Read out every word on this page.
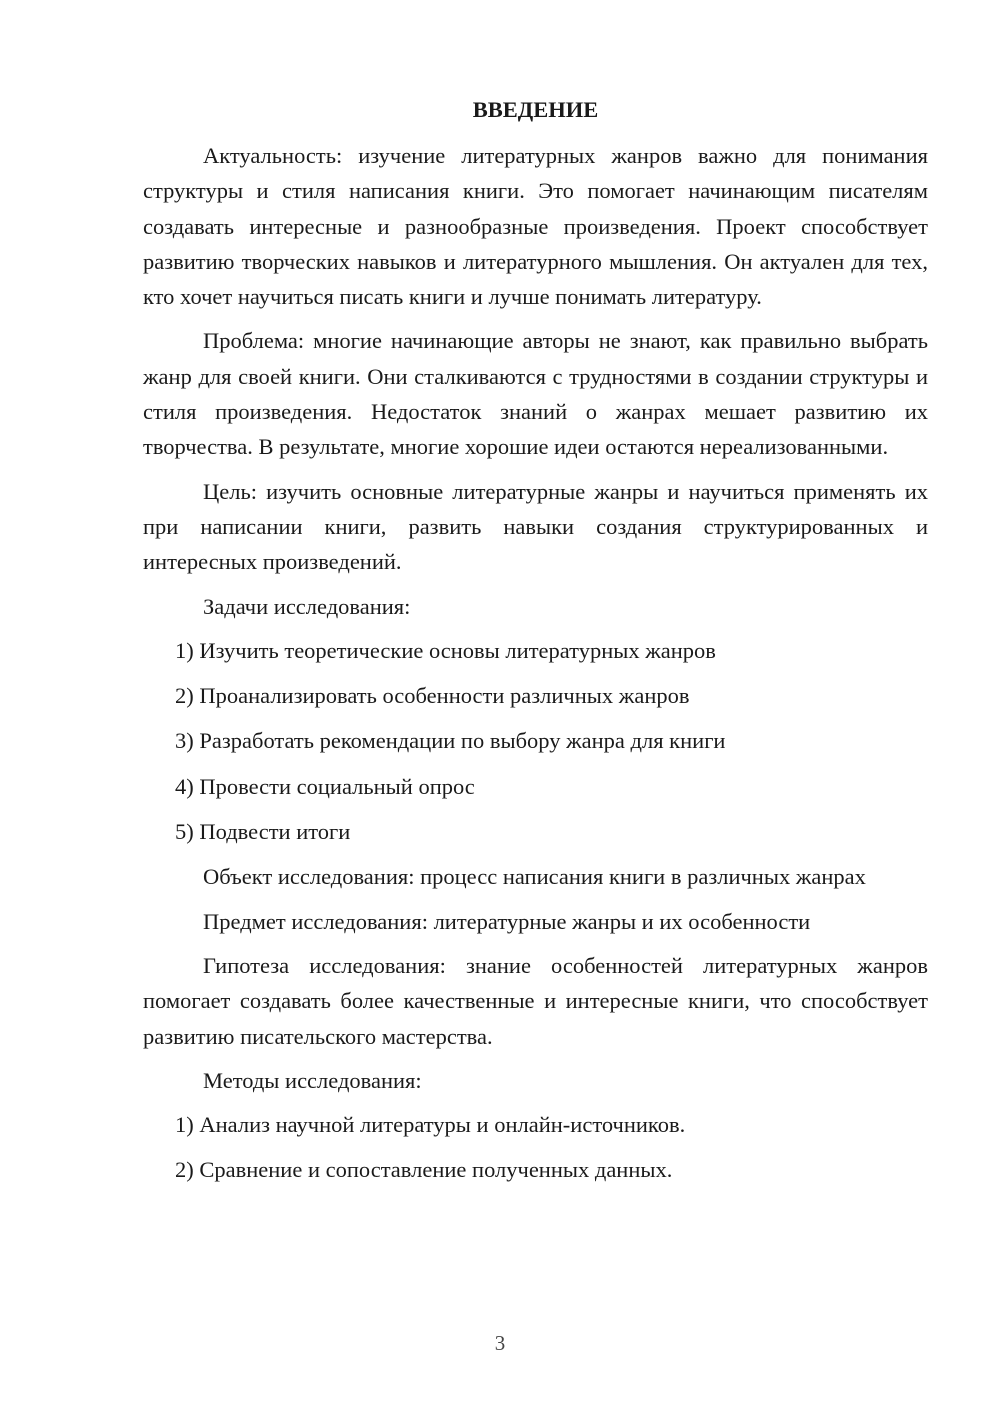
ВВЕДЕНИЕ

Актуальность: изучение литературных жанров важно для понимания структуры и стиля написания книги. Это помогает начинающим писателям создавать интересные и разнообразные произведения. Проект способствует развитию творческих навыков и литературного мышления. Он актуален для тех, кто хочет научиться писать книги и лучше понимать литературу.

Проблема: многие начинающие авторы не знают, как правильно выбрать жанр для своей книги. Они сталкиваются с трудностями в создании структуры и стиля произведения. Недостаток знаний о жанрах мешает развитию их творчества. В результате, многие хорошие идеи остаются нереализованными.

Цель: изучить основные литературные жанры и научиться применять их при написании книги, развить навыки создания структурированных и интересных произведений.

Задачи исследования:

1) Изучить теоретические основы литературных жанров
2) Проанализировать особенности различных жанров
3) Разработать рекомендации по выбору жанра для книги
4) Провести социальный опрос
5) Подвести итоги

Объект исследования: процесс написания книги в различных жанрах

Предмет исследования: литературные жанры и их особенности

Гипотеза исследования: знание особенностей литературных жанров помогает создавать более качественные и интересные книги, что способствует развитию писательского мастерства.

Методы исследования:

1) Анализ научной литературы и онлайн-источников.
2) Сравнение и сопоставление полученных данных.
3
